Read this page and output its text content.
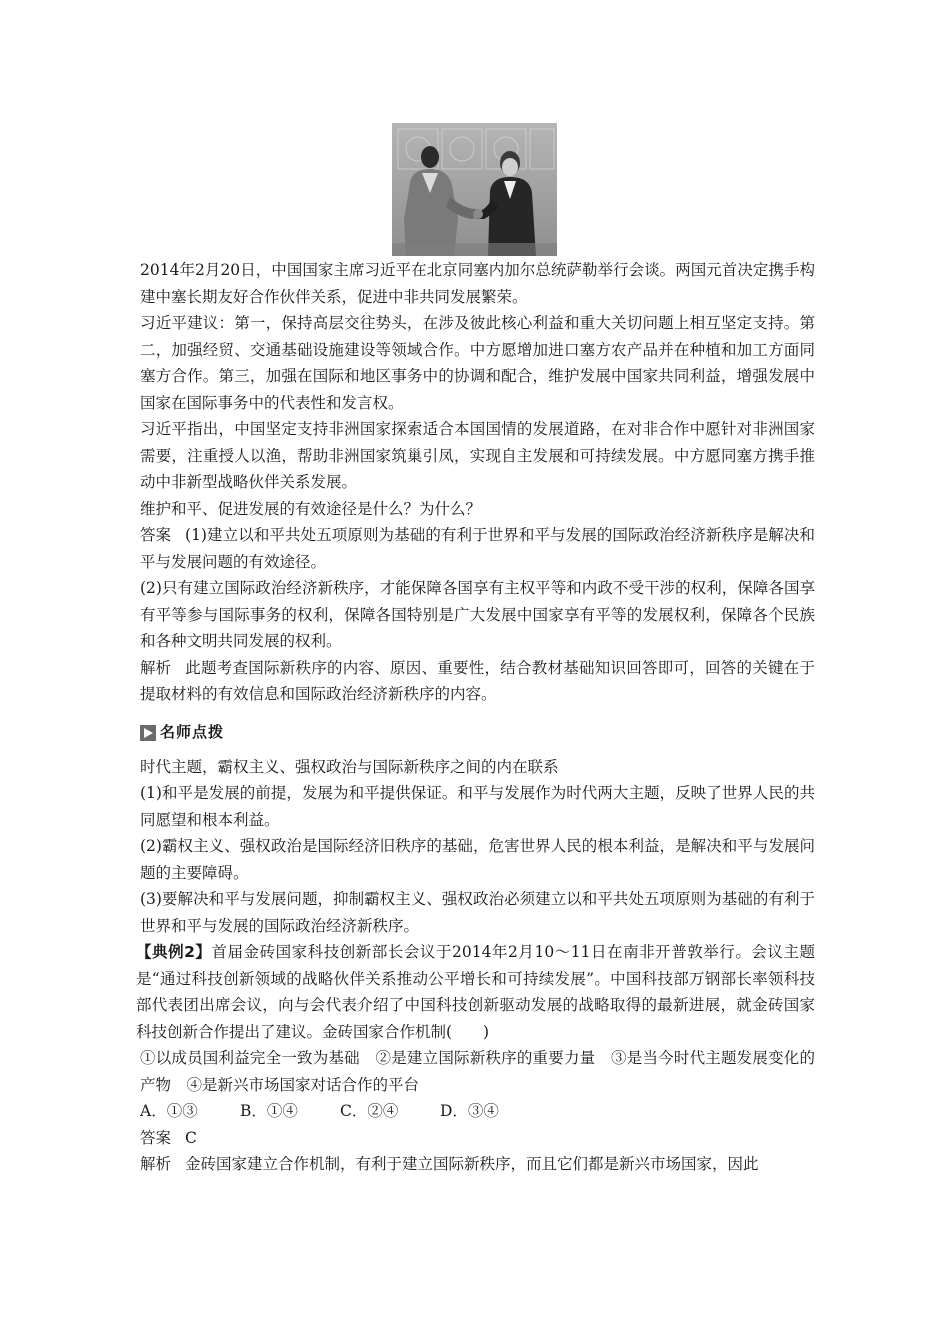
2014年2月20日，中国国家主席习近平在北京同塞内加尔总统萨勒举行会谈。两国元首决定携手构建中塞长期友好合作伙伴关系，促进中非共同发展繁荣。

习近平建议：第一，保持高层交往势头，在涉及彼此核心利益和重大关切问题上相互坚定支持。第二，加强经贸、交通基础设施建设等领域合作。中方愿增加进口塞方农产品并在种植和加工方面同塞方合作。第三，加强在国际和地区事务中的协调和配合，维护发展中国家共同利益，增强发展中国家在国际事务中的代表性和发言权。

习近平指出，中国坚定支持非洲国家探索适合本国国情的发展道路，在对非合作中愿针对非洲国家需要，注重授人以渔，帮助非洲国家筑巢引凤，实现自主发展和可持续发展。中方愿同塞方携手推动中非新型战略伙伴关系发展。

维护和平、促进发展的有效途径是什么？为什么？

答案 (1)建立以和平共处五项原则为基础的有利于世界和平与发展的国际政治经济新秩序是解决和平与发展问题的有效途径。

(2)只有建立国际政治经济新秩序，才能保障各国享有主权平等和内政不受干涉的权利，保障各国享有平等参与国际事务的权利，保障各国特别是广大发展中国家享有平等的发展权利，保障各个民族和各种文明共同发展的权利。

解析 此题考查国际新秩序的内容、原因、重要性，结合教材基础知识回答即可，回答的关键在于提取材料的有效信息和国际政治经济新秩序的内容。

名师点拨

时代主题，霸权主义、强权政治与国际新秩序之间的内在联系

(1)和平是发展的前提，发展为和平提供保证。和平与发展作为时代两大主题，反映了世界人民的共同愿望和根本利益。

(2)霸权主义、强权政治是国际经济旧秩序的基础，危害世界人民的根本利益，是解决和平与发展问题的主要障碍。

(3)要解决和平与发展问题，抑制霸权主义、强权政治必须建立以和平共处五项原则为基础的有利于世界和平与发展的国际政治经济新秩序。

【典例2】首届金砖国家科技创新部长会议于2014年2月10～11日在南非开普敦举行。会议主题是“通过科技创新领域的战略伙伴关系推动公平增长和可持续发展”。中国科技部万钢部长率领科技部代表团出席会议，向与会代表介绍了中国科技创新驱动发展的战略取得的最新进展，就金砖国家科技创新合作提出了建议。金砖国家合作机制(　　)

①以成员国利益完全一致为基础　②是建立国际新秩序的重要力量　③是当今时代主题发展变化的产物　④是新兴市场国家对话合作的平台

A．①③	B．①④	C．②④	D．③④

答案 C

解析 金砖国家建立合作机制，有利于建立国际新秩序，而且它们都是新兴市场国家，因此
